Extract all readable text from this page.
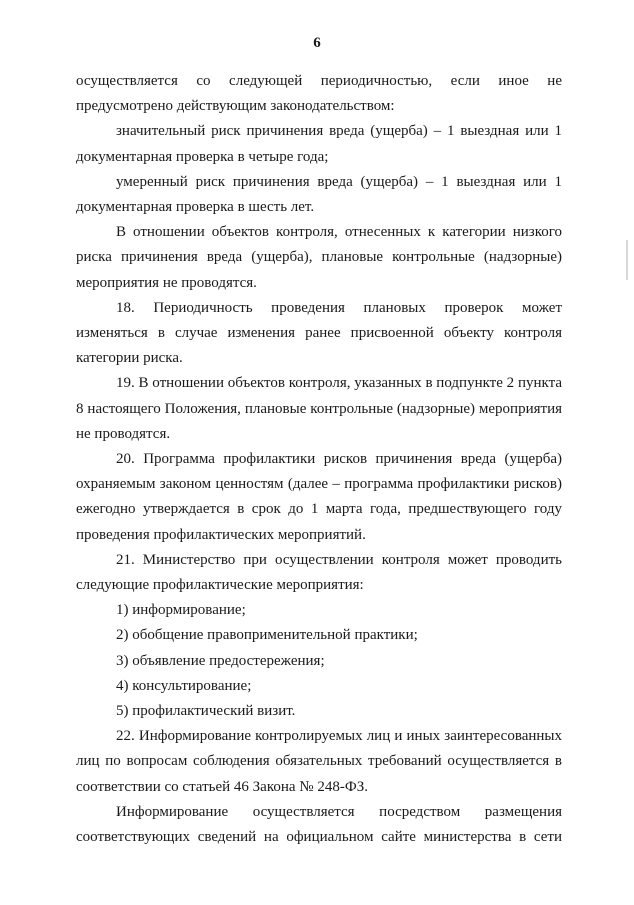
6

осуществляется со следующей периодичностью, если иное не предусмотрено действующим законодательством:

значительный риск причинения вреда (ущерба) – 1 выездная или 1 документарная проверка в четыре года;

умеренный риск причинения вреда (ущерба) – 1 выездная или 1 документарная проверка в шесть лет.

В отношении объектов контроля, отнесенных к категории низкого риска причинения вреда (ущерба), плановые контрольные (надзорные) мероприятия не проводятся.

18. Периодичность проведения плановых проверок может изменяться в случае изменения ранее присвоенной объекту контроля категории риска.

19. В отношении объектов контроля, указанных в подпункте 2 пункта 8 настоящего Положения, плановые контрольные (надзорные) мероприятия не проводятся.

20. Программа профилактики рисков причинения вреда (ущерба) охраняемым законом ценностям (далее – программа профилактики рисков) ежегодно утверждается в срок до 1 марта года, предшествующего году проведения профилактических мероприятий.

21. Министерство при осуществлении контроля может проводить следующие профилактические мероприятия:

1) информирование;

2) обобщение правоприменительной практики;

3) объявление предостережения;

4) консультирование;

5) профилактический визит.

22. Информирование контролируемых лиц и иных заинтересованных лиц по вопросам соблюдения обязательных требований осуществляется в соответствии со статьей 46 Закона № 248-ФЗ.

Информирование осуществляется посредством размещения соответствующих сведений на официальном сайте министерства в сети
